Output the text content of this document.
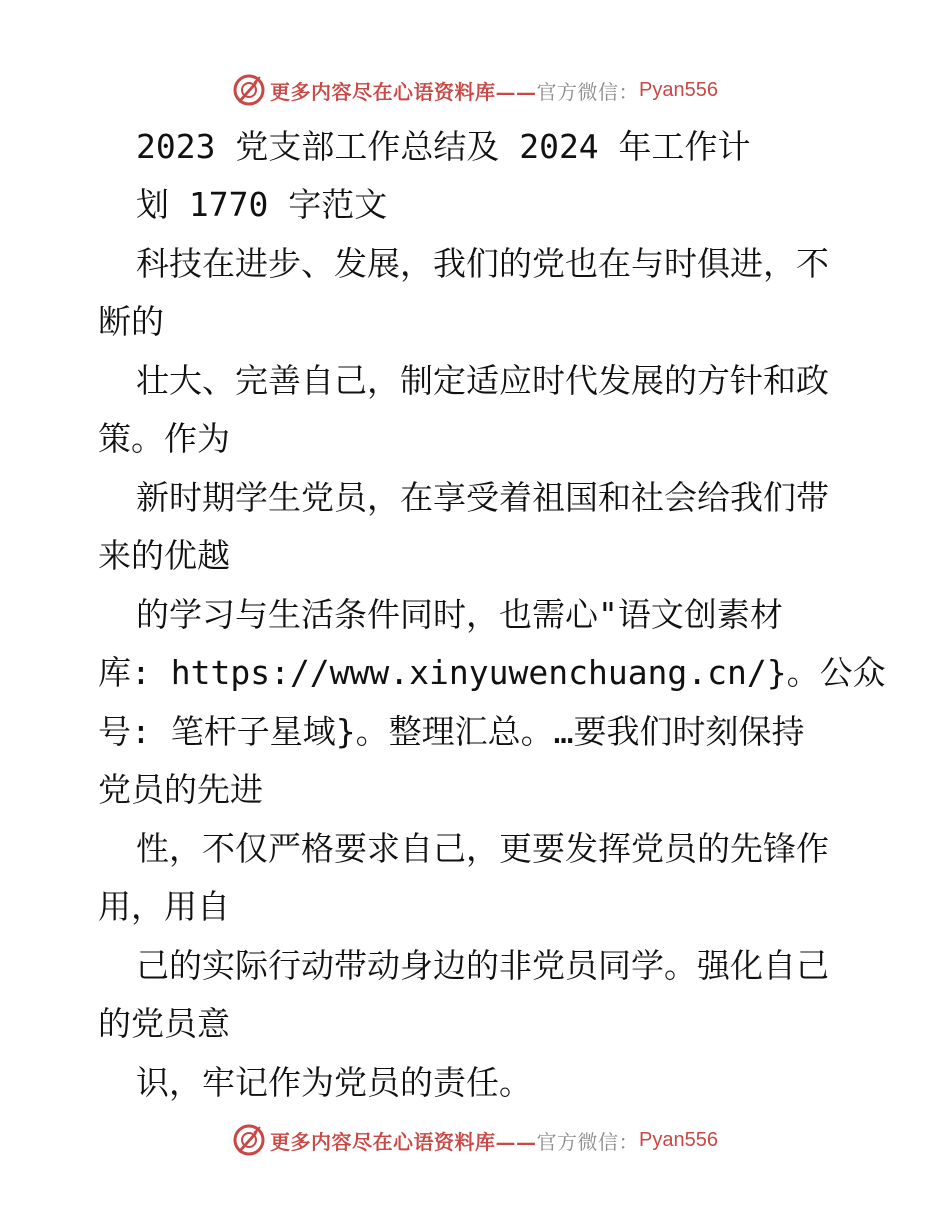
更多内容尽在心语资料库—— 官方微信： Pyan556
2023 党支部工作总结及 2024 年工作计
划 1770 字范文
科技在进步、发展，我们的党也在与时俱进，不
断的
壮大、完善自己，制定适应时代发展的方针和政
策。作为
新时期学生党员，在享受着祖国和社会给我们带
来的优越
的学习与生活条件同时，也需心"语文创素材
库: https://www.xinyuwenchuang.cn/}。公众
号: 笔杆子星域}。整理汇总。…要我们时刻保持
党员的先进
性，不仅严格要求自己，更要发挥党员的先锋作
用，用自
己的实际行动带动身边的非党员同学。强化自己
的党员意
识，牢记作为党员的责任。
更多内容尽在心语资料库—— 官方微信： Pyan556
